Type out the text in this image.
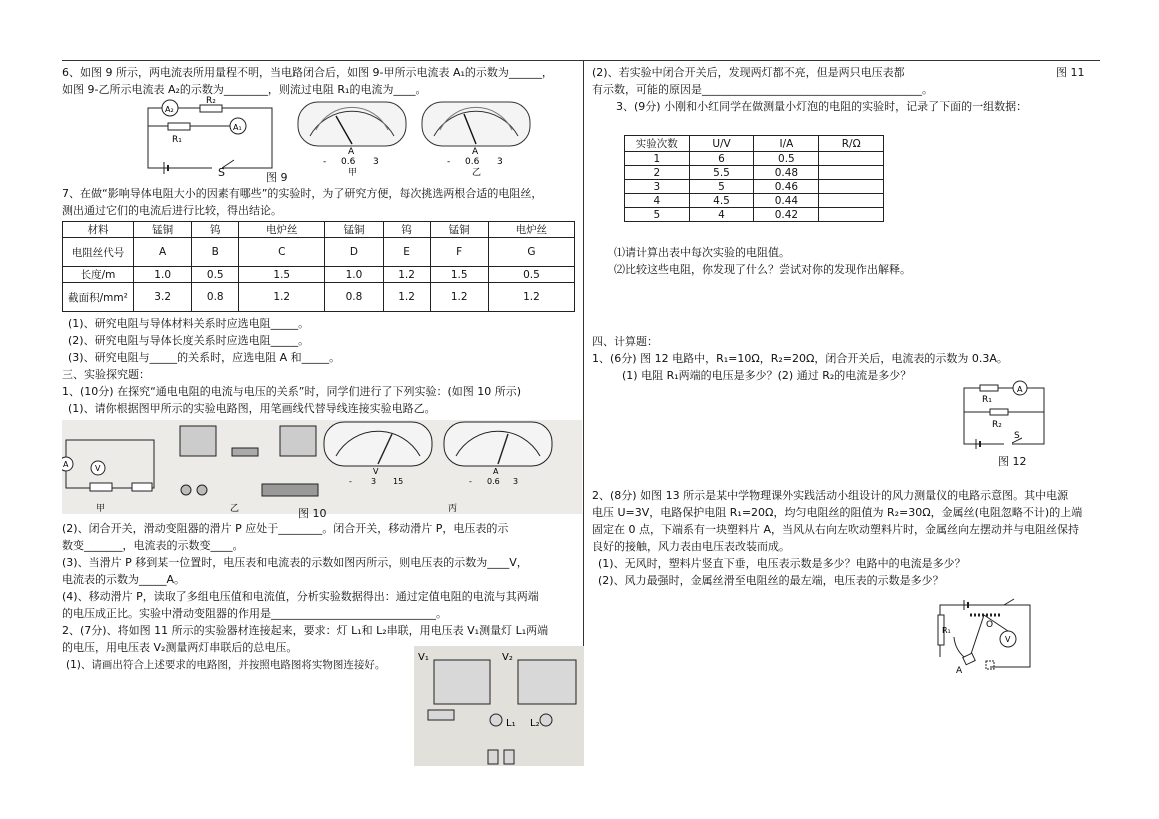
6、如图 9 所示，两电流表所用量程不明，当电路闭合后，如图 9-甲所示电流表 A₁的示数为______，
如图 9-乙所示电流表 A₂的示数为________，则流过电阻 R₁的电流为____。
A₂
R₂
R₁
A₁
S	图 9
A
- 0.6 3
甲
A
- 0.6 3
乙
7、在做“影响导体电阻大小的因素有哪些”的实验时，为了研究方便，每次挑选两根合适的电阻丝，
测出通过它们的电流后进行比较，得出结论。
材料	锰铜	钨	电炉丝	锰铜	钨	锰铜	电炉丝
电阻丝代号	A	B	C	D	E	F	G
长度/m	1.0	0.5	1.5	1.0	1.2	1.5	0.5
截面积/mm²	3.2	0.8	1.2	0.8	1.2	1.2	1.2
(1)、研究电阻与导体材料关系时应选电阻_____。
(2)、研究电阻与导体长度关系时应选电阻_____。
(3)、研究电阻与_____的关系时，应选电阻 A 和_____。
三、实验探究题：
1、(10分) 在探究“通电电阻的电流与电压的关系”时，同学们进行了下列实验：(如图 10 所示)
(1)、请你根据图甲所示的实验电路图，用笔画线代替导线连接实验电路乙。
A	V	V
- 3 15
A
- 0.6 3
甲	乙	丙
图 10
(2)、闭合开关，滑动变阻器的滑片 P 应处于________。闭合开关，移动滑片 P，电压表的示
数变_______，电流表的示数变____。
(3)、当滑片 P 移到某一位置时，电压表和电流表的示数如图丙所示，则电压表的示数为____V，
电流表的示数为_____A。
(4)、移动滑片 P，读取了多组电压值和电流值，分析实验数据得出：通过定值电阻的电流与其两端
的电压成正比。实验中滑动变阻器的作用是______________________________。
2、(7分)、将如图 11 所示的实验器材连接起来，要求：灯 L₁和 L₂串联，用电压表 V₁测量灯 L₁两端
的电压，用电压表 V₂测量两灯串联后的总电压。
(1)、请画出符合上述要求的电路图，并按照电路图将实物图连接好。
V₁	V₂
L₁ L₂
(2)、若实验中闭合开关后，发现两灯都不亮，但是两只电压表都	图 11
有示数，可能的原因是________________________________________。
3、(9分) 小刚和小红同学在做测量小灯泡的电阻的实验时，记录了下面的一组数据：
实验次数	U/V	I/A	R/Ω
1	6	0.5	
2	5.5	0.48	
3	5	0.46	
4	4.5	0.44	
5	4	0.42	
⑴请计算出表中每次实验的电阻值。
⑵比较这些电阻，你发现了什么？尝试对你的发现作出解释。
四、计算题：
1、(6分) 图 12 电路中，R₁=10Ω，R₂=20Ω，闭合开关后，电流表的示数为 0.3A。
(1) 电阻 R₁两端的电压是多少？(2) 通过 R₂的电流是多少？
R₁
A
R₂
S
图 12
2、(8分) 如图 13 所示是某中学物理课外实践活动小组设计的风力测量仪的电路示意图。其中电源
电压 U=3V，电路保护电阻 R₁=20Ω，均匀电阻丝的阻值为 R₂=30Ω，金属丝(电阻忽略不计)的上端
固定在 0 点，下端系有一块塑料片 A，当风从右向左吹动塑料片时，金属丝向左摆动并与电阻丝保持
良好的接触，风力表由电压表改装而成。
(1)、无风时，塑料片竖直下垂，电压表示数是多少？电路中的电流是多少？
(2)、风力最强时，金属丝滑至电阻丝的最左端，电压表的示数是多少？
R₁
O
A
V
